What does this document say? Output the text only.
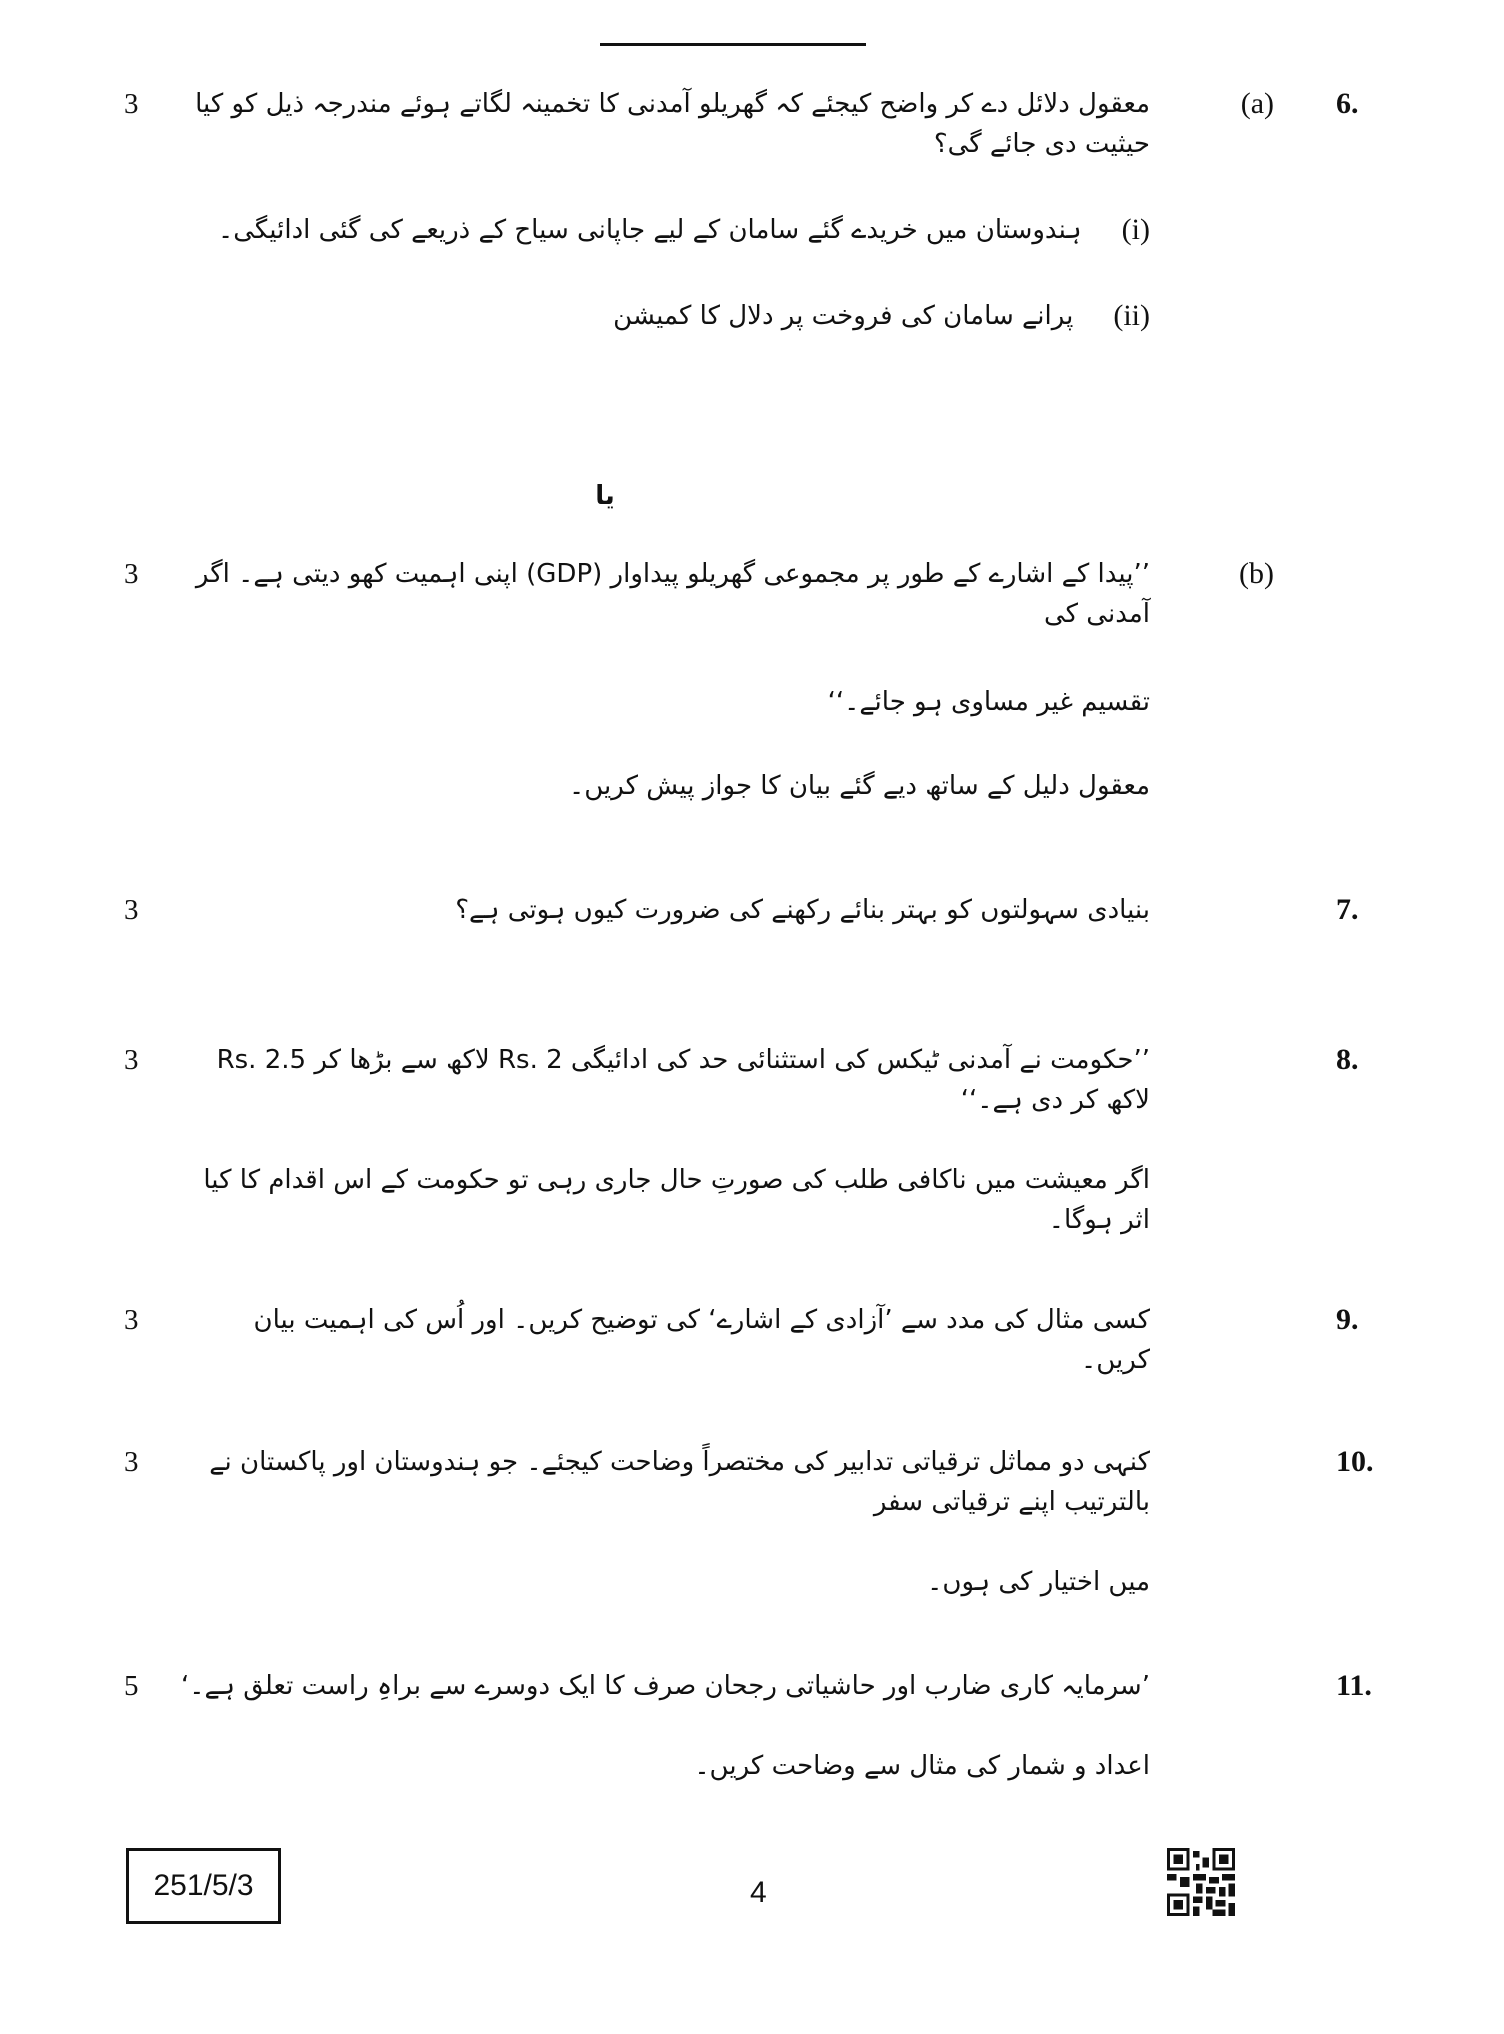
3	معقول دلائل دے کر واضح کیجئے کہ گھریلو آمدنی کا تخمینہ لگاتے ہوئے مندرجہ ذیل کو کیا حیثیت دی جائے گی؟
(a)	6.
(i)
ہندوستان میں خریدے گئے سامان کے لیے جاپانی سیاح کے ذریعے کی گئی ادائیگی۔
(ii)
پرانے سامان کی فروخت پر دلال کا کمیشن
یا
3	’’پیدا کے اشارے کے طور پر مجموعی گھریلو پیداوار (GDP) اپنی اہمیت کھو دیتی ہے۔ اگر آمدنی کی
تقسیم غیر مساوی ہو جائے۔‘‘
معقول دلیل کے ساتھ دیے گئے بیان کا جواز پیش کریں۔
(b)
3	بنیادی سہولتوں کو بہتر بنائے رکھنے کی ضرورت کیوں ہوتی ہے؟	7.
3	’’حکومت نے آمدنی ٹیکس کی استثنائی حد کی ادائیگی Rs. 2 لاکھ سے بڑھا کر Rs. 2.5 لاکھ کر دی ہے۔‘‘
اگر معیشت میں ناکافی طلب کی صورتِ حال جاری رہی تو حکومت کے اس اقدام کا کیا اثر ہوگا۔
8.
3	کسی مثال کی مدد سے ’آزادی کے اشارے‘ کی توضیح کریں۔ اور اُس کی اہمیت بیان کریں۔
9.
3	کنہی دو مماثل ترقیاتی تدابیر کی مختصراً وضاحت کیجئے۔ جو ہندوستان اور پاکستان نے بالترتیب اپنے ترقیاتی سفر
میں اختیار کی ہوں۔
10.
5	’سرمایہ کاری ضارب اور حاشیاتی رجحان صرف کا ایک دوسرے سے براہِ راست تعلق ہے۔‘
اعداد و شمار کی مثال سے وضاحت کریں۔
11.
251/5/3	4
